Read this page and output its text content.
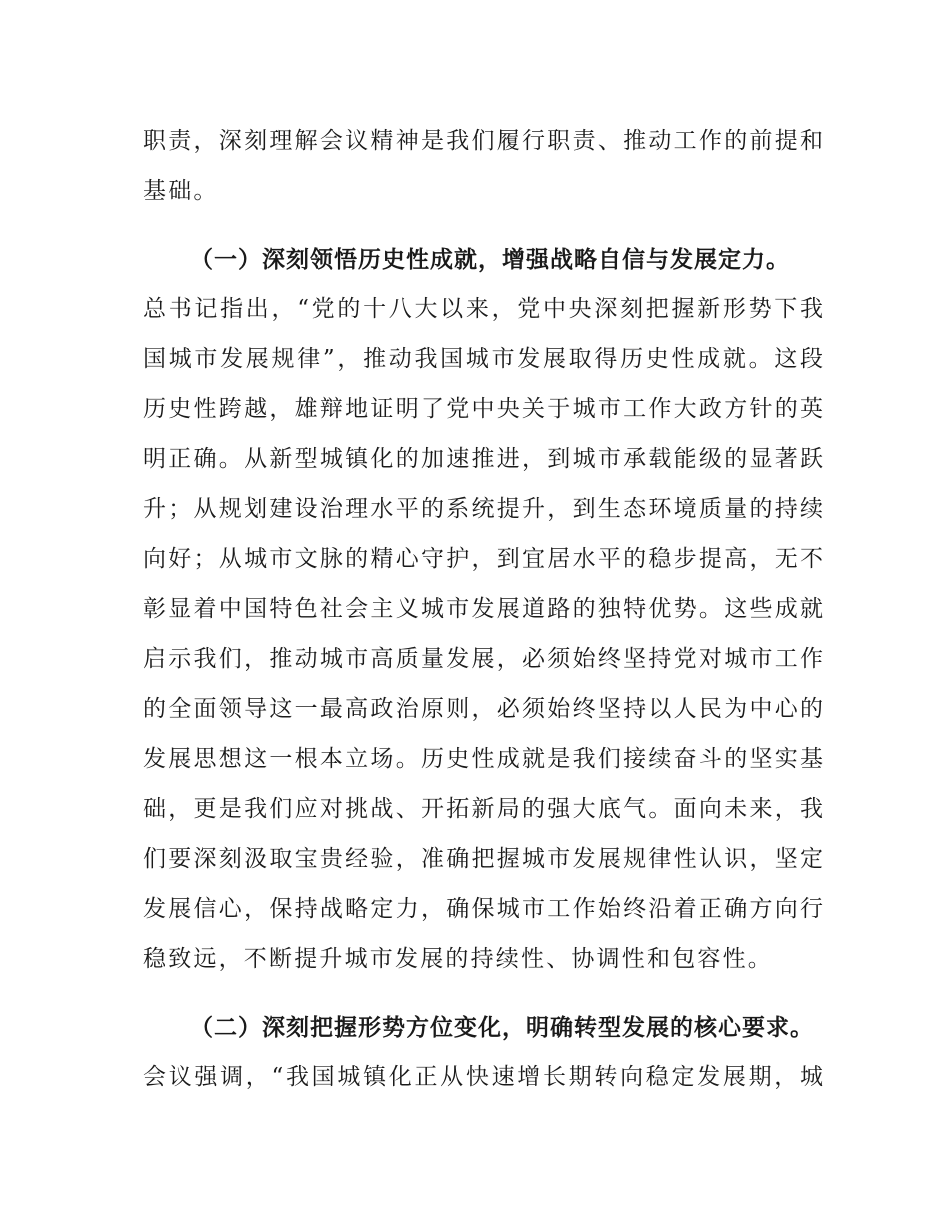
职责，深刻理解会议精神是我们履行职责、推动工作的前提和
基础。
（一）深刻领悟历史性成就，增强战略自信与发展定力。
总书记指出，“党的十八大以来，党中央深刻把握新形势下我
国城市发展规律”，推动我国城市发展取得历史性成就。这段
历史性跨越，雄辩地证明了党中央关于城市工作大政方针的英
明正确。从新型城镇化的加速推进，到城市承载能级的显著跃
升；从规划建设治理水平的系统提升，到生态环境质量的持续
向好；从城市文脉的精心守护，到宜居水平的稳步提高，无不
彰显着中国特色社会主义城市发展道路的独特优势。这些成就
启示我们，推动城市高质量发展，必须始终坚持党对城市工作
的全面领导这一最高政治原则，必须始终坚持以人民为中心的
发展思想这一根本立场。历史性成就是我们接续奋斗的坚实基
础，更是我们应对挑战、开拓新局的强大底气。面向未来，我
们要深刻汲取宝贵经验，准确把握城市发展规律性认识，坚定
发展信心，保持战略定力，确保城市工作始终沿着正确方向行
稳致远，不断提升城市发展的持续性、协调性和包容性。
（二）深刻把握形势方位变化，明确转型发展的核心要求。
会议强调，“我国城镇化正从快速增长期转向稳定发展期，城
